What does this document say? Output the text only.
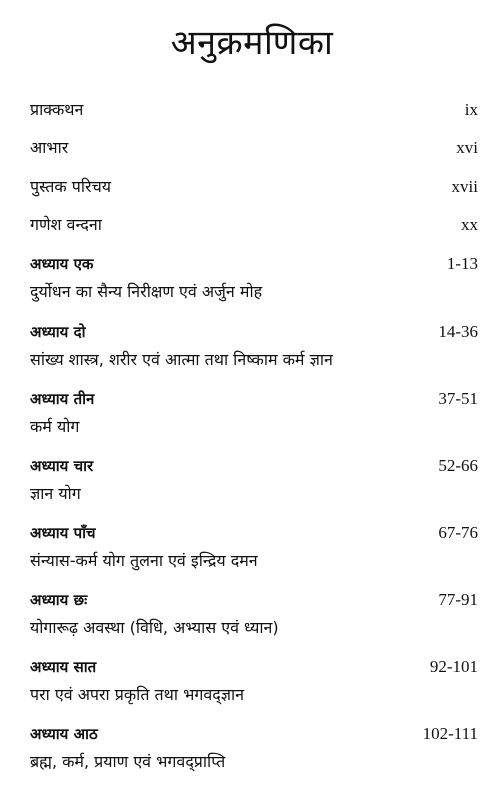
अनुक्रमणिका
प्राक्कथन	ix
आभार	xvi
पुस्तक परिचय	xvii
गणेश वन्दना	xx
अध्याय एक	1-13
दुर्योधन का सैन्य निरीक्षण एवं अर्जुन मोह
अध्याय दो	14-36
सांख्य शास्त्र, शरीर एवं आत्मा तथा निष्काम कर्म ज्ञान
अध्याय तीन	37-51
कर्म योग
अध्याय चार	52-66
ज्ञान योग
अध्याय पाँच	67-76
संन्यास-कर्म योग तुलना एवं इन्द्रिय दमन
अध्याय छः	77-91
योगारूढ़ अवस्था (विधि, अभ्यास एवं ध्यान)
अध्याय सात	92-101
परा एवं अपरा प्रकृति तथा भगवद्ज्ञान
अध्याय आठ	102-111
ब्रह्म, कर्म, प्रयाण एवं भगवद्प्राप्ति
